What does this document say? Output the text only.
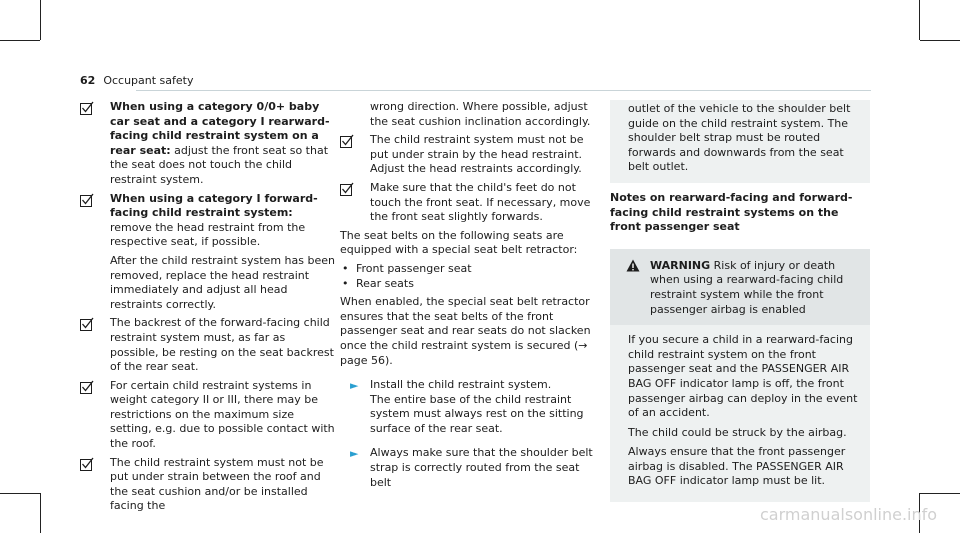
62 Occupant safety
When using a category 0/0+ baby car seat and a category I rearward-facing child restraint system on a rear seat: adjust the front seat so that the seat does not touch the child restraint system.
When using a category I forward-facing child restraint system: remove the head restraint from the respective seat, if possible.

After the child restraint system has been removed, replace the head restraint immediately and adjust all head restraints correctly.

The backrest of the forward-facing child restraint system must, as far as possible, be resting on the seat backrest of the rear seat.
For certain child restraint systems in weight category II or III, there may be restrictions on the maximum size setting, e.g. due to possible contact with the roof.
The child restraint system must not be put under strain between the roof and the seat cushion and/or be installed facing the

wrong direction. Where possible, adjust the seat cushion inclination accordingly.

The child restraint system must not be put under strain by the head restraint. Adjust the head restraints accordingly.
Make sure that the child's feet do not touch the front seat. If necessary, move the front seat slightly forwards.

The seat belts on the following seats are equipped with a special seat belt retractor:

• Front passenger seat
• Rear seats

When enabled, the special seat belt retractor ensures that the seat belts of the front passenger seat and rear seats do not slacken once the child restraint system is secured (→ page 56).

► Install the child restraint system.
The entire base of the child restraint system must always rest on the sitting surface of the rear seat.
► Always make sure that the shoulder belt strap is correctly routed from the seat belt
outlet of the vehicle to the shoulder belt guide on the child restraint system. The shoulder belt strap must be routed forwards and downwards from the seat belt outlet.
Notes on rearward-facing and forward-facing child restraint systems on the front passenger seat
WARNING Risk of injury or death when using a rearward-facing child restraint system while the front passenger airbag is enabled

If you secure a child in a rearward-facing child restraint system on the front passenger seat and the PASSENGER AIR BAG OFF indicator lamp is off, the front passenger airbag can deploy in the event of an accident.

The child could be struck by the airbag.

Always ensure that the front passenger airbag is disabled. The PASSENGER AIR BAG OFF indicator lamp must be lit.

carmanualsonline.info
